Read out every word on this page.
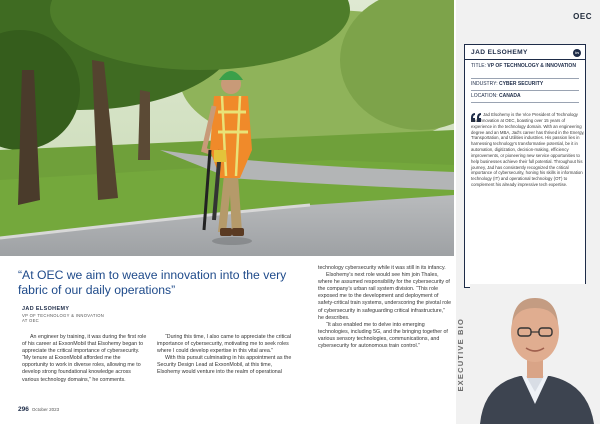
OEC
JAD ELSOHEMY	in
TITLE: VP OF TECHNOLOGY & INNOVATION
INDUSTRY: CYBER SECURITY
LOCATION: CANADA

Jad Elsohemy is the Vice President of Technology and Innovation at OEC, boasting over 15 years of experience in the technology domain. With an engineering degree and an MBA, Jad's career has thrived in the Energy, Transportation, and Utilities industries. His passion lies in harnessing technology's transformative potential, be it in automation, digitization, decision-making, efficiency improvements, or pioneering new service opportunities to help businesses achieve their full potential. Throughout his journey, Jad has consistently recognized the critical importance of cybersecurity, honing his skills in information technology (IT) and operational technology (OT) to complement his already impressive tech expertise.

EXECUTIVE BIO
“At OEC we aim to weave innovation into the very fabric of our daily operations”
JAD ELSOHEMY
VP OF TECHNOLOGY & INNOVATION
AT OEC

An engineer by training, it was during the first role of his career at ExxonMobil that Elsohemy began to appreciate the critical importance of cybersecurity. “My tenure at ExxonMobil afforded me the opportunity to work in diverse roles, allowing me to develop strong foundational knowledge across various technology domains,” he comments.

“During this time, I also came to appreciate the critical importance of cybersecurity, motivating me to seek roles where I could develop expertise in this vital area.”

With this pursuit culminating in his appointment as the Security Design Lead at ExxonMobil, at this time, Elsohemy would venture into the realm of operational

technology cybersecurity while it was still in its infancy.

Elsohemy’s next role would see him join Thales, where he assumed responsibility for the cybersecurity of the company’s urban rail system division. “This role exposed me to the development and deployment of safety-critical train systems, underscoring the pivotal role of cybersecurity in safeguarding critical infrastructure,” he describes.

“It also enabled me to delve into emerging technologies, including 5G, and the bringing together of various sensory technologies, communications, and cybersecurity for autonomous train control.”

296 October 2023
